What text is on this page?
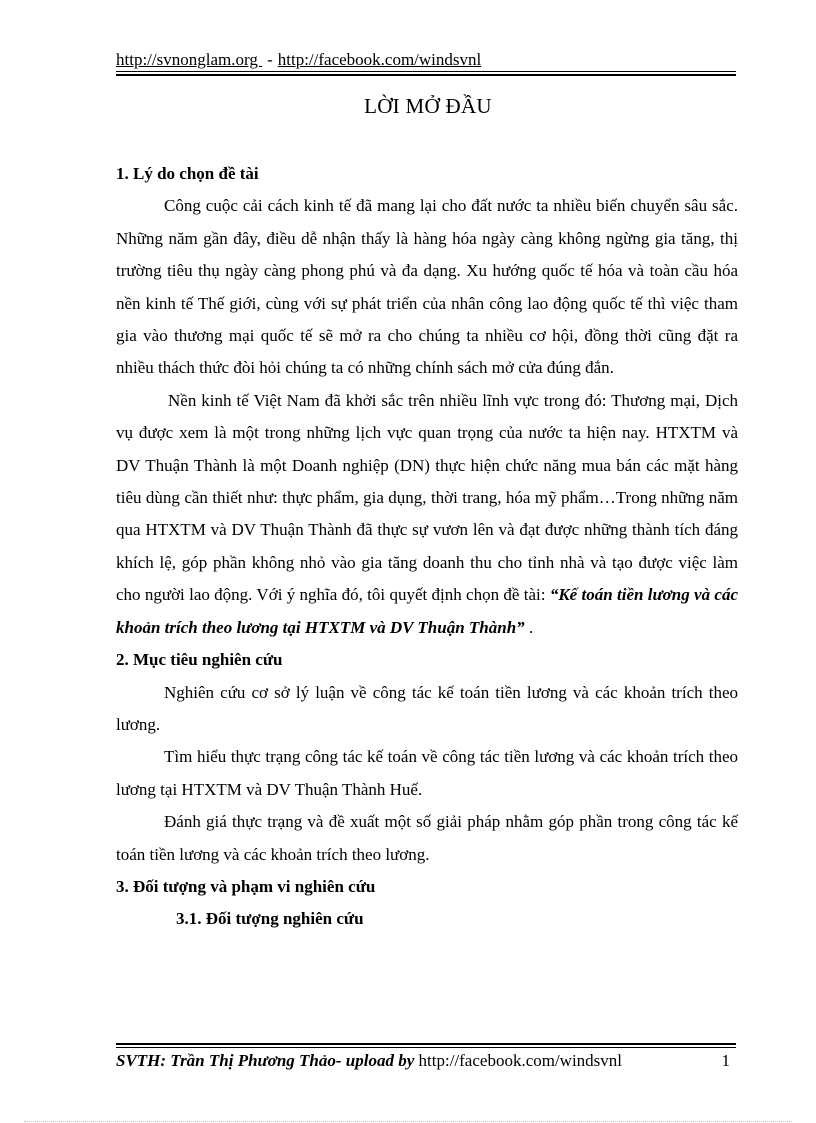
http://svnonglam.org - http://facebook.com/windsvnl
LỜI MỞ ĐẦU

1. Lý do chọn đề tài

Công cuộc cải cách kinh tế đã mang lại cho đất nước ta nhiều biến chuyển sâu sắc. Những năm gần đây, điều dễ nhận thấy là hàng hóa ngày càng không ngừng gia tăng, thị trường tiêu thụ ngày càng phong phú và đa dạng. Xu hướng quốc tế hóa và toàn cầu hóa nền kinh tế Thế giới, cùng với sự phát triển của nhân công lao động quốc tế thì việc tham gia vào thương mại quốc tế sẽ mở ra cho chúng ta nhiều cơ hội, đồng thời cũng đặt ra nhiều thách thức đòi hỏi chúng ta có những chính sách mở cửa đúng đắn.

Nền kinh tế Việt Nam đã khởi sắc trên nhiều lĩnh vực trong đó: Thương mại, Dịch vụ được xem là một trong những lịch vực quan trọng của nước ta hiện nay. HTXTM và DV Thuận Thành là một Doanh nghiệp (DN) thực hiện chức năng mua bán các mặt hàng tiêu dùng cần thiết như: thực phẩm, gia dụng, thời trang, hóa mỹ phẩm…Trong những năm qua HTXTM và DV Thuận Thành đã thực sự vươn lên và đạt được những thành tích đáng khích lệ, góp phần không nhỏ vào gia tăng doanh thu cho tỉnh nhà và tạo được việc làm cho người lao động. Với ý nghĩa đó, tôi quyết định chọn đề tài: “Kế toán tiền lương và các khoản trích theo lương tại HTXTM và DV Thuận Thành” .

2. Mục tiêu nghiên cứu

Nghiên cứu cơ sở lý luận về công tác kế toán tiền lương và các khoản trích theo lương.

Tìm hiểu thực trạng công tác kế toán về công tác tiền lương và các khoản trích theo lương tại HTXTM và DV Thuận Thành Huế.

Đánh giá thực trạng và đề xuất một số giải pháp nhằm góp phần trong công tác kế toán tiền lương và các khoản trích theo lương.

3. Đối tượng và phạm vi nghiên cứu

3.1. Đối tượng nghiên cứu

SVTH: Trần Thị Phương Thảo- upload by http://facebook.com/windsvnl	1
